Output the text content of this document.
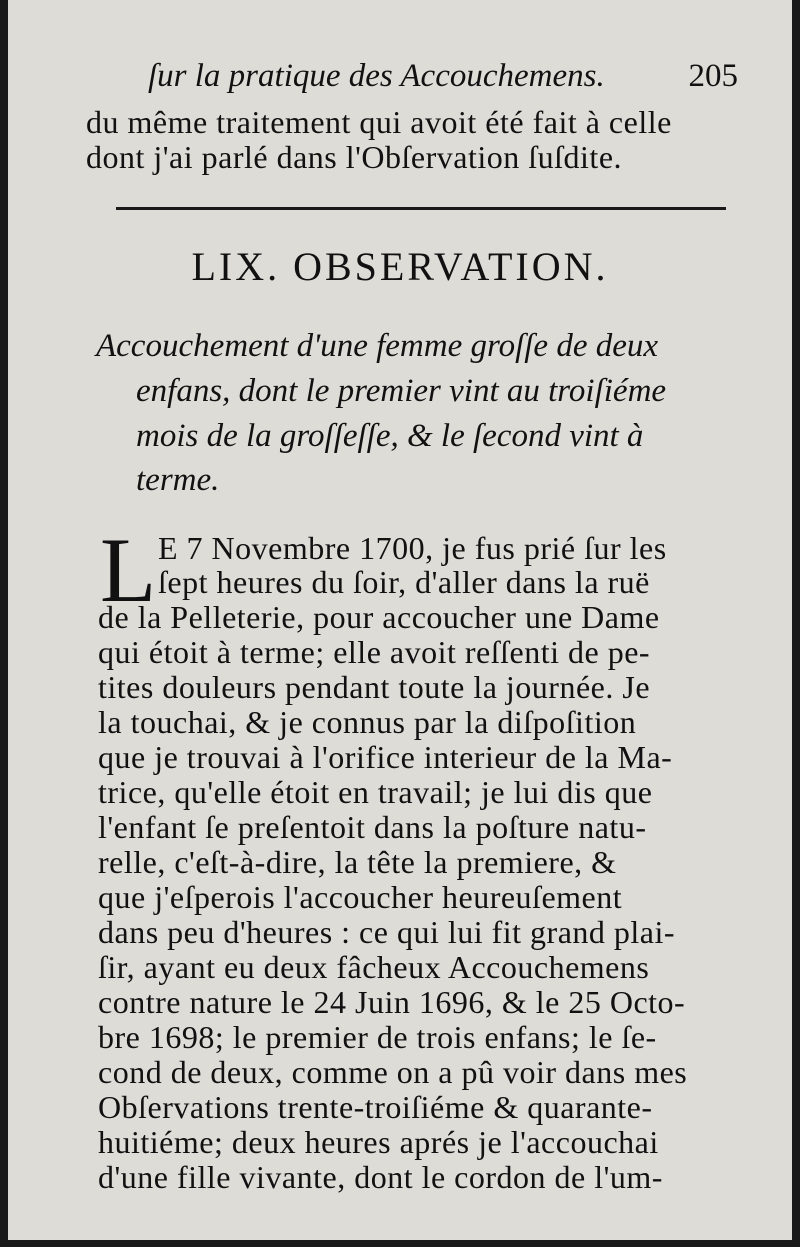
ſur la pratique des Accouchemens.	205
du même traitement qui avoit été fait à celle
dont j'ai parlé dans l'Obſervation ſuſdite.
LIX. OBSERVATION.
Accouchement d'une femme groſſe de deux
enfans, dont le premier vint au troiſiéme
mois de la groſſeſſe, & le ſecond vint à
terme.
L E 7 Novembre 1700, je fus prié ſur les
ſept heures du ſoir, d'aller dans la ruë
de la Pelleterie, pour accoucher une Dame
qui étoit à terme; elle avoit reſſenti de pe-
tites douleurs pendant toute la journée. Je
la touchai, & je connus par la diſpoſition
que je trouvai à l'orifice interieur de la Ma-
trice, qu'elle étoit en travail; je lui dis que
l'enfant ſe preſentoit dans la poſture natu-
relle, c'eſt-à-dire, la tête la premiere, &
que j'eſperois l'accoucher heureuſement
dans peu d'heures : ce qui lui fit grand plai-
ſir, ayant eu deux fâcheux Accouchemens
contre nature le 24 Juin 1696, & le 25 Octo-
bre 1698; le premier de trois enfans; le ſe-
cond de deux, comme on a pû voir dans mes
Obſervations trente-troiſiéme & quarante-
huitiéme; deux heures aprés je l'accouchai
d'une fille vivante, dont le cordon de l'um-
